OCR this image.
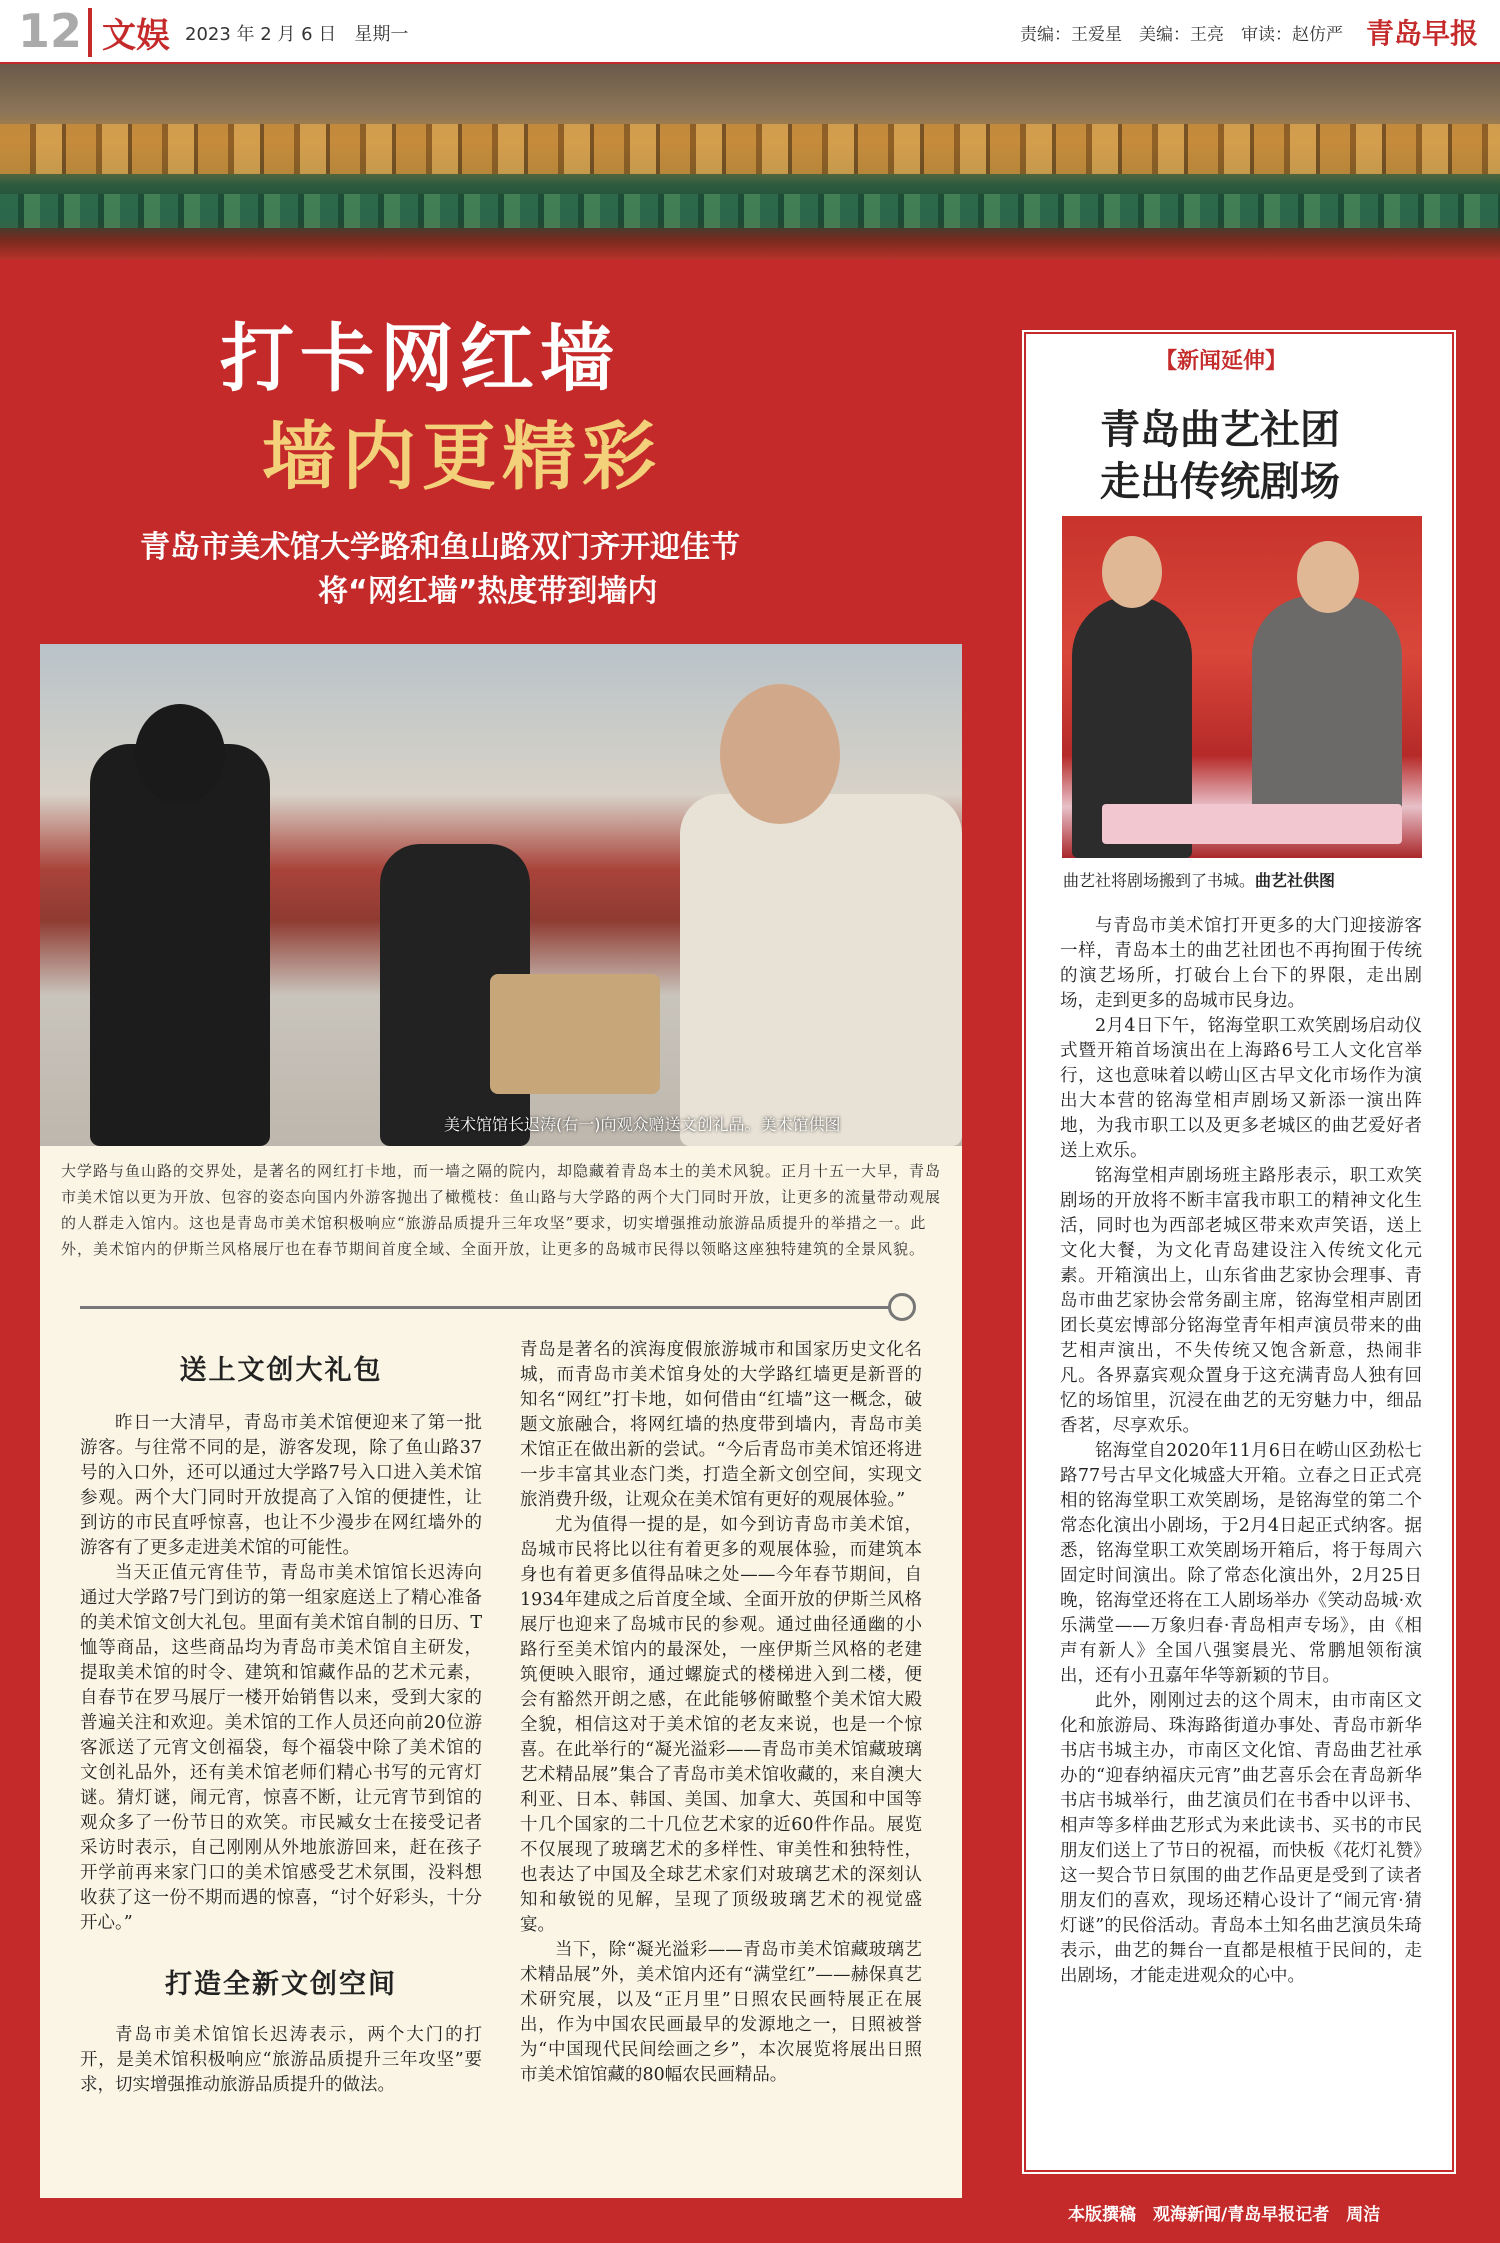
12 文娱 2023 年 2 月 6 日　星期一	责编：王爱星　美编：王亮　审读：赵仿严 青岛早报
打卡网红墙
墙内更精彩
青岛市美术馆大学路和鱼山路双门齐开迎佳节
将“网红墙”热度带到墙内
美术馆馆长迟涛(右一)向观众赠送文创礼品。美术馆供图
大学路与鱼山路的交界处，是著名的网红打卡地，而一墙之隔的院内，却隐藏着青岛本土的美术风貌。正月十五一大早，青岛市美术馆以更为开放、包容的姿态向国内外游客抛出了橄榄枝：鱼山路与大学路的两个大门同时开放，让更多的流量带动观展的人群走入馆内。这也是青岛市美术馆积极响应“旅游品质提升三年攻坚”要求，切实增强推动旅游品质提升的举措之一。此外，美术馆内的伊斯兰风格展厅也在春节期间首度全域、全面开放，让更多的岛城市民得以领略这座独特建筑的全景风貌。
送上文创大礼包

昨日一大清早，青岛市美术馆便迎来了第一批游客。与往常不同的是，游客发现，除了鱼山路37号的入口外，还可以通过大学路7号入口进入美术馆参观。两个大门同时开放提高了入馆的便捷性，让到访的市民直呼惊喜，也让不少漫步在网红墙外的游客有了更多走进美术馆的可能性。

当天正值元宵佳节，青岛市美术馆馆长迟涛向通过大学路7号门到访的第一组家庭送上了精心准备的美术馆文创大礼包。里面有美术馆自制的日历、T恤等商品，这些商品均为青岛市美术馆自主研发，提取美术馆的时令、建筑和馆藏作品的艺术元素，自春节在罗马展厅一楼开始销售以来，受到大家的普遍关注和欢迎。美术馆的工作人员还向前20位游客派送了元宵文创福袋，每个福袋中除了美术馆的文创礼品外，还有美术馆老师们精心书写的元宵灯谜。猜灯谜，闹元宵，惊喜不断，让元宵节到馆的观众多了一份节日的欢笑。市民臧女士在接受记者采访时表示，自己刚刚从外地旅游回来，赶在孩子开学前再来家门口的美术馆感受艺术氛围，没料想收获了这一份不期而遇的惊喜，“讨个好彩头，十分开心。”

打造全新文创空间

青岛市美术馆馆长迟涛表示，两个大门的打开，是美术馆积极响应“旅游品质提升三年攻坚”要求，切实增强推动旅游品质提升的做法。

青岛是著名的滨海度假旅游城市和国家历史文化名城，而青岛市美术馆身处的大学路红墙更是新晋的知名“网红”打卡地，如何借由“红墙”这一概念，破题文旅融合，将网红墙的热度带到墙内，青岛市美术馆正在做出新的尝试。“今后青岛市美术馆还将进一步丰富其业态门类，打造全新文创空间，实现文旅消费升级，让观众在美术馆有更好的观展体验。”

尤为值得一提的是，如今到访青岛市美术馆，岛城市民将比以往有着更多的观展体验，而建筑本身也有着更多值得品味之处——今年春节期间，自1934年建成之后首度全域、全面开放的伊斯兰风格展厅也迎来了岛城市民的参观。通过曲径通幽的小路行至美术馆内的最深处，一座伊斯兰风格的老建筑便映入眼帘，通过螺旋式的楼梯进入到二楼，便会有豁然开朗之感，在此能够俯瞰整个美术馆大殿全貌，相信这对于美术馆的老友来说，也是一个惊喜。在此举行的“凝光溢彩——青岛市美术馆藏玻璃艺术精品展”集合了青岛市美术馆收藏的，来自澳大利亚、日本、韩国、美国、加拿大、英国和中国等十几个国家的二十几位艺术家的近60件作品。展览不仅展现了玻璃艺术的多样性、审美性和独特性，也表达了中国及全球艺术家们对玻璃艺术的深刻认知和敏锐的见解，呈现了顶级玻璃艺术的视觉盛宴。

当下，除“凝光溢彩——青岛市美术馆藏玻璃艺术精品展”外，美术馆内还有“满堂红”——赫保真艺术研究展，以及“正月里”日照农民画特展正在展出，作为中国农民画最早的发源地之一，日照被誉为“中国现代民间绘画之乡”，本次展览将展出日照市美术馆馆藏的80幅农民画精品。

【新闻延伸】
青岛曲艺社团
走出传统剧场
曲艺社将剧场搬到了书城。曲艺社供图

与青岛市美术馆打开更多的大门迎接游客一样，青岛本土的曲艺社团也不再拘囿于传统的演艺场所，打破台上台下的界限，走出剧场，走到更多的岛城市民身边。

2月4日下午，铭海堂职工欢笑剧场启动仪式暨开箱首场演出在上海路6号工人文化宫举行，这也意味着以崂山区古早文化市场作为演出大本营的铭海堂相声剧场又新添一演出阵地，为我市职工以及更多老城区的曲艺爱好者送上欢乐。

铭海堂相声剧场班主路彤表示，职工欢笑剧场的开放将不断丰富我市职工的精神文化生活，同时也为西部老城区带来欢声笑语，送上文化大餐，为文化青岛建设注入传统文化元素。开箱演出上，山东省曲艺家协会理事、青岛市曲艺家协会常务副主席，铭海堂相声剧团团长莫宏博部分铭海堂青年相声演员带来的曲艺相声演出，不失传统又饱含新意，热闹非凡。各界嘉宾观众置身于这充满青岛人独有回忆的场馆里，沉浸在曲艺的无穷魅力中，细品香茗，尽享欢乐。

铭海堂自2020年11月6日在崂山区劲松七路77号古早文化城盛大开箱。立春之日正式亮相的铭海堂职工欢笑剧场，是铭海堂的第二个常态化演出小剧场，于2月4日起正式纳客。据悉，铭海堂职工欢笑剧场开箱后，将于每周六固定时间演出。除了常态化演出外，2月25日晚，铭海堂还将在工人剧场举办《笑动岛城·欢乐满堂——万象归春·青岛相声专场》，由《相声有新人》全国八强窦晨光、常鹏旭领衔演出，还有小丑嘉年华等新颖的节目。

此外，刚刚过去的这个周末，由市南区文化和旅游局、珠海路街道办事处、青岛市新华书店书城主办，市南区文化馆、青岛曲艺社承办的“迎春纳福庆元宵”曲艺喜乐会在青岛新华书店书城举行，曲艺演员们在书香中以评书、相声等多样曲艺形式为来此读书、买书的市民朋友们送上了节日的祝福，而快板《花灯礼赞》这一契合节日氛围的曲艺作品更是受到了读者朋友们的喜欢，现场还精心设计了“闹元宵·猜灯谜”的民俗活动。青岛本土知名曲艺演员朱琦表示，曲艺的舞台一直都是根植于民间的，走出剧场，才能走进观众的心中。

本版撰稿　观海新闻/青岛早报记者　周洁
